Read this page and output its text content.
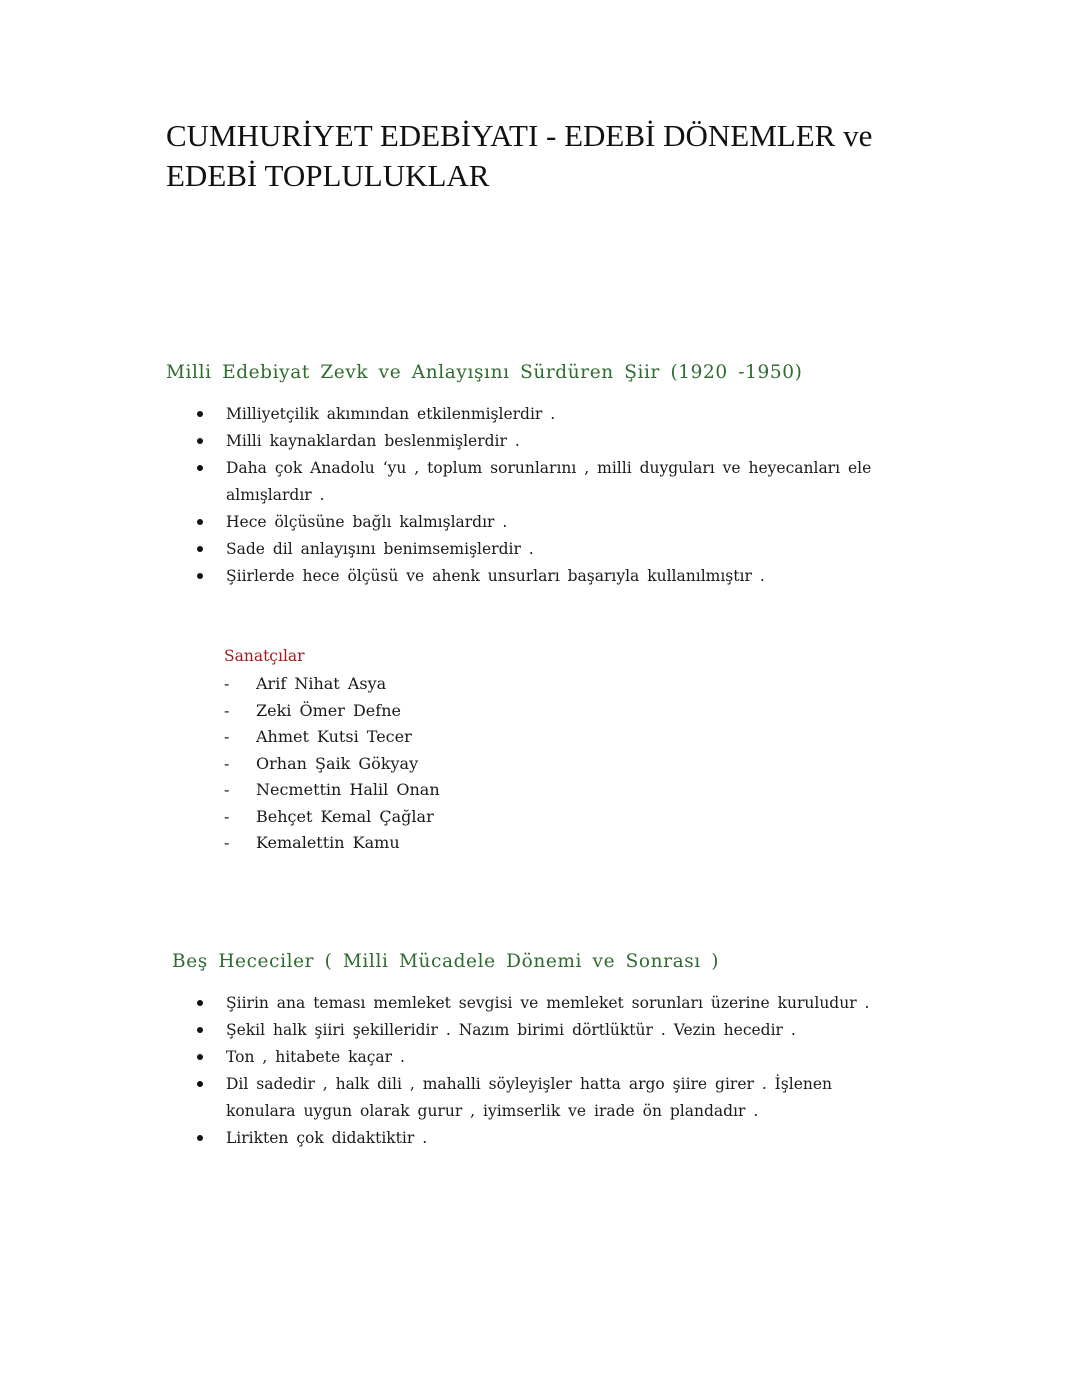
CUMHURİYET EDEBİYATI - EDEBİ DÖNEMLER ve EDEBİ TOPLULUKLAR
Milli Edebiyat Zevk ve Anlayışını Sürdüren Şiir (1920 -1950)
Milliyetçilik akımından etkilenmişlerdir .
Milli kaynaklardan beslenmişlerdir .
Daha çok Anadolu ‘yu , toplum sorunlarını , milli duyguları ve heyecanları ele almışlardır .
Hece ölçüsüne bağlı kalmışlardır .
Sade dil anlayışını benimsemişlerdir .
Şiirlerde hece ölçüsü ve ahenk unsurları başarıyla kullanılmıştır .

Sanatçılar

- Arif Nihat Asya
- Zeki Ömer Defne
- Ahmet Kutsi Tecer
- Orhan Şaik Gökyay
- Necmettin Halil Onan
- Behçet Kemal Çağlar
- Kemalettin Kamu
Beş Hececiler ( Milli Mücadele Dönemi ve Sonrası )
Şiirin ana teması memleket sevgisi ve memleket sorunları üzerine kuruludur .
Şekil halk şiiri şekilleridir . Nazım birimi dörtlüktür . Vezin hecedir .
Ton , hitabete kaçar .
Dil sadedir , halk dili , mahalli söyleyişler hatta argo şiire girer . İşlenen konulara uygun olarak gurur , iyimserlik ve irade ön plandadır .
Lirikten çok didaktiktir .
